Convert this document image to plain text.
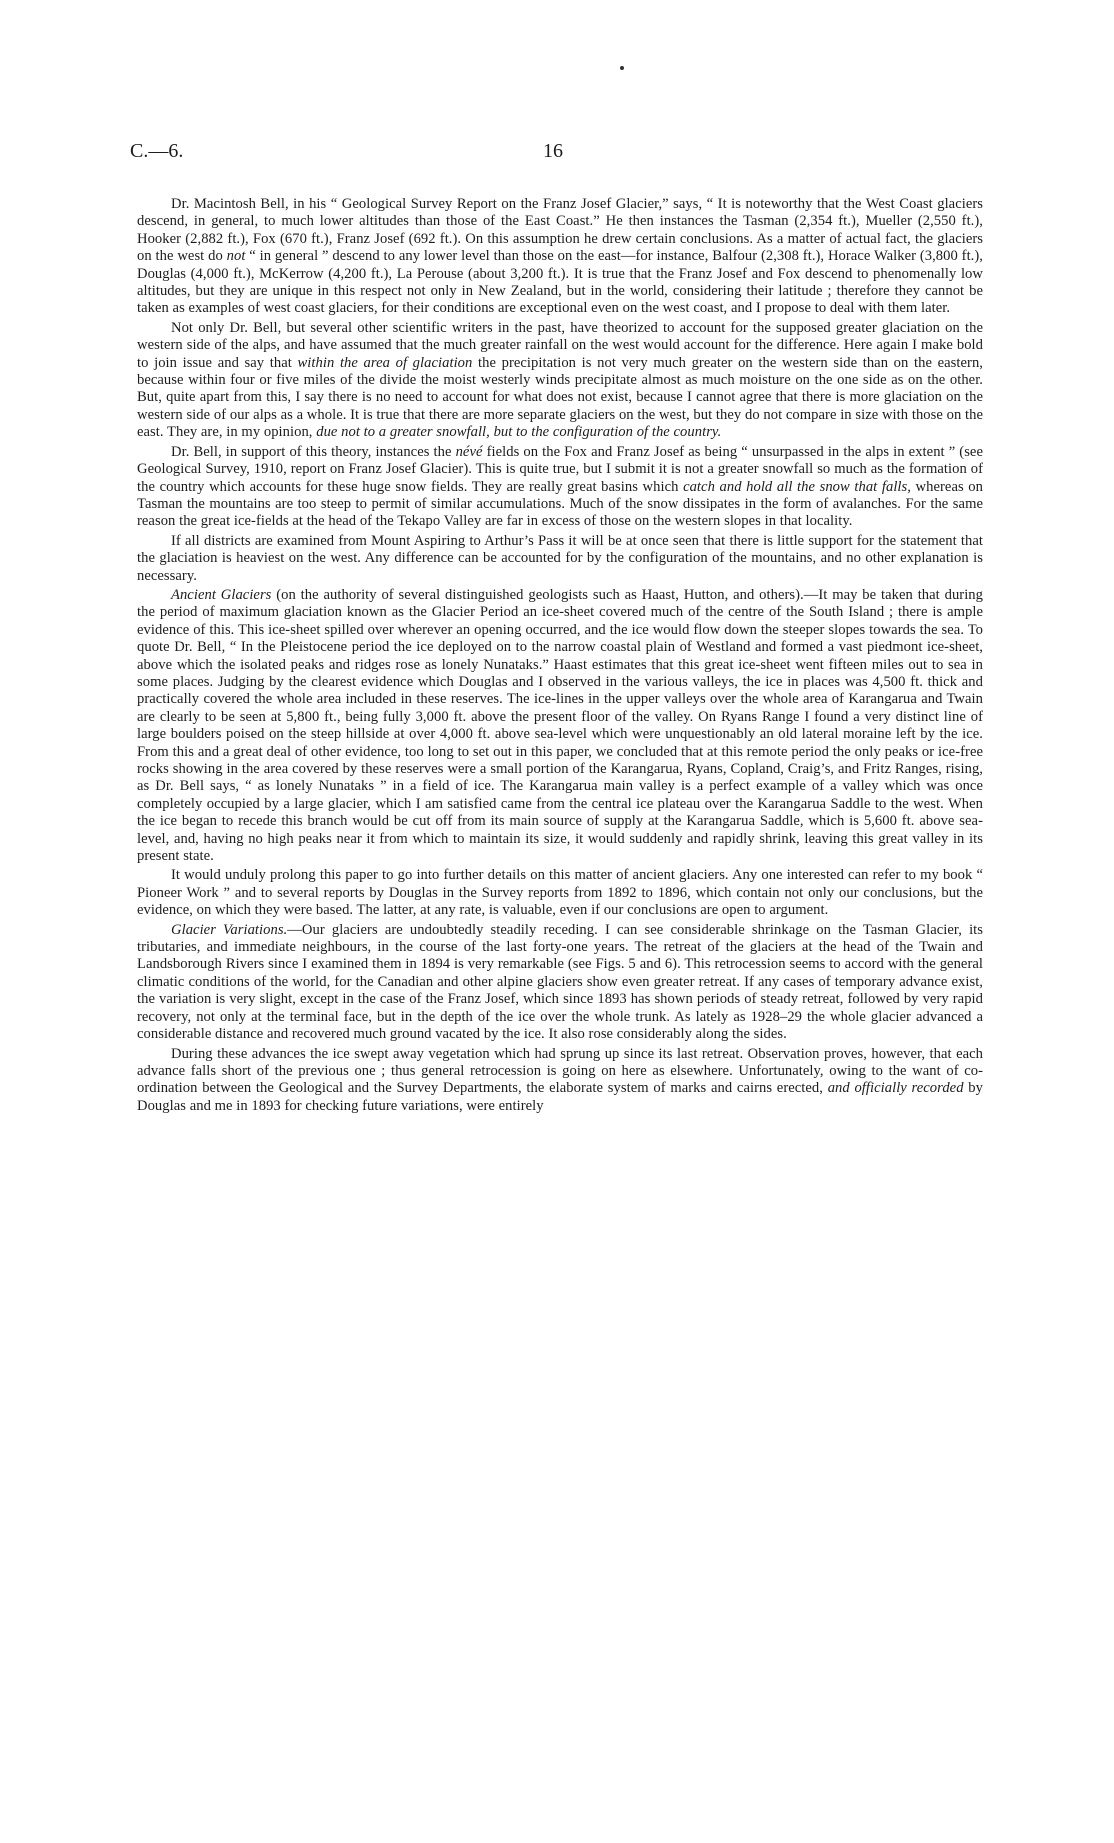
C.—6.	16

Dr. Macintosh Bell, in his “ Geological Survey Report on the Franz Josef Glacier,” says, “ It is noteworthy that the West Coast glaciers descend, in general, to much lower altitudes than those of the East Coast.” He then instances the Tasman (2,354 ft.), Mueller (2,550 ft.), Hooker (2,882 ft.), Fox (670 ft.), Franz Josef (692 ft.). On this assumption he drew certain conclusions. As a matter of actual fact, the glaciers on the west do not “ in general ” descend to any lower level than those on the east—for instance, Balfour (2,308 ft.), Horace Walker (3,800 ft.), Douglas (4,000 ft.), McKerrow (4,200 ft.), La Perouse (about 3,200 ft.). It is true that the Franz Josef and Fox descend to phenomenally low altitudes, but they are unique in this respect not only in New Zealand, but in the world, considering their latitude ; therefore they cannot be taken as examples of west coast glaciers, for their conditions are exceptional even on the west coast, and I propose to deal with them later.

Not only Dr. Bell, but several other scientific writers in the past, have theorized to account for the supposed greater glaciation on the western side of the alps, and have assumed that the much greater rainfall on the west would account for the difference. Here again I make bold to join issue and say that within the area of glaciation the precipitation is not very much greater on the western side than on the eastern, because within four or five miles of the divide the moist westerly winds precipitate almost as much moisture on the one side as on the other. But, quite apart from this, I say there is no need to account for what does not exist, because I cannot agree that there is more glaciation on the western side of our alps as a whole. It is true that there are more separate glaciers on the west, but they do not compare in size with those on the east. They are, in my opinion, due not to a greater snowfall, but to the configuration of the country.

Dr. Bell, in support of this theory, instances the névé fields on the Fox and Franz Josef as being “ unsurpassed in the alps in extent ” (see Geological Survey, 1910, report on Franz Josef Glacier). This is quite true, but I submit it is not a greater snowfall so much as the formation of the country which accounts for these huge snow fields. They are really great basins which catch and hold all the snow that falls, whereas on Tasman the mountains are too steep to permit of similar accumulations. Much of the snow dissipates in the form of avalanches. For the same reason the great ice-fields at the head of the Tekapo Valley are far in excess of those on the western slopes in that locality.

If all districts are examined from Mount Aspiring to Arthur’s Pass it will be at once seen that there is little support for the statement that the glaciation is heaviest on the west. Any difference can be accounted for by the configuration of the mountains, and no other explanation is necessary.

Ancient Glaciers (on the authority of several distinguished geologists such as Haast, Hutton, and others).—It may be taken that during the period of maximum glaciation known as the Glacier Period an ice-sheet covered much of the centre of the South Island ; there is ample evidence of this. This ice-sheet spilled over wherever an opening occurred, and the ice would flow down the steeper slopes towards the sea. To quote Dr. Bell, “ In the Pleistocene period the ice deployed on to the narrow coastal plain of Westland and formed a vast piedmont ice-sheet, above which the isolated peaks and ridges rose as lonely Nunataks.” Haast estimates that this great ice-sheet went fifteen miles out to sea in some places. Judging by the clearest evidence which Douglas and I observed in the various valleys, the ice in places was 4,500 ft. thick and practically covered the whole area included in these reserves. The ice-lines in the upper valleys over the whole area of Karangarua and Twain are clearly to be seen at 5,800 ft., being fully 3,000 ft. above the present floor of the valley. On Ryans Range I found a very distinct line of large boulders poised on the steep hillside at over 4,000 ft. above sea-level which were unquestionably an old lateral moraine left by the ice. From this and a great deal of other evidence, too long to set out in this paper, we concluded that at this remote period the only peaks or ice-free rocks showing in the area covered by these reserves were a small portion of the Karangarua, Ryans, Copland, Craig’s, and Fritz Ranges, rising, as Dr. Bell says, “ as lonely Nunataks ” in a field of ice. The Karangarua main valley is a perfect example of a valley which was once completely occupied by a large glacier, which I am satisfied came from the central ice plateau over the Karangarua Saddle to the west. When the ice began to recede this branch would be cut off from its main source of supply at the Karangarua Saddle, which is 5,600 ft. above sea-level, and, having no high peaks near it from which to maintain its size, it would suddenly and rapidly shrink, leaving this great valley in its present state.

It would unduly prolong this paper to go into further details on this matter of ancient glaciers. Any one interested can refer to my book “ Pioneer Work ” and to several reports by Douglas in the Survey reports from 1892 to 1896, which contain not only our conclusions, but the evidence, on which they were based. The latter, at any rate, is valuable, even if our conclusions are open to argument.

Glacier Variations.—Our glaciers are undoubtedly steadily receding. I can see considerable shrinkage on the Tasman Glacier, its tributaries, and immediate neighbours, in the course of the last forty-one years. The retreat of the glaciers at the head of the Twain and Landsborough Rivers since I examined them in 1894 is very remarkable (see Figs. 5 and 6). This retrocession seems to accord with the general climatic conditions of the world, for the Canadian and other alpine glaciers show even greater retreat. If any cases of temporary advance exist, the variation is very slight, except in the case of the Franz Josef, which since 1893 has shown periods of steady retreat, followed by very rapid recovery, not only at the terminal face, but in the depth of the ice over the whole trunk. As lately as 1928–29 the whole glacier advanced a considerable distance and recovered much ground vacated by the ice. It also rose considerably along the sides.

During these advances the ice swept away vegetation which had sprung up since its last retreat. Observation proves, however, that each advance falls short of the previous one ; thus general retrocession is going on here as elsewhere. Unfortunately, owing to the want of co-ordination between the Geological and the Survey Departments, the elaborate system of marks and cairns erected, and officially recorded by Douglas and me in 1893 for checking future variations, were entirely
